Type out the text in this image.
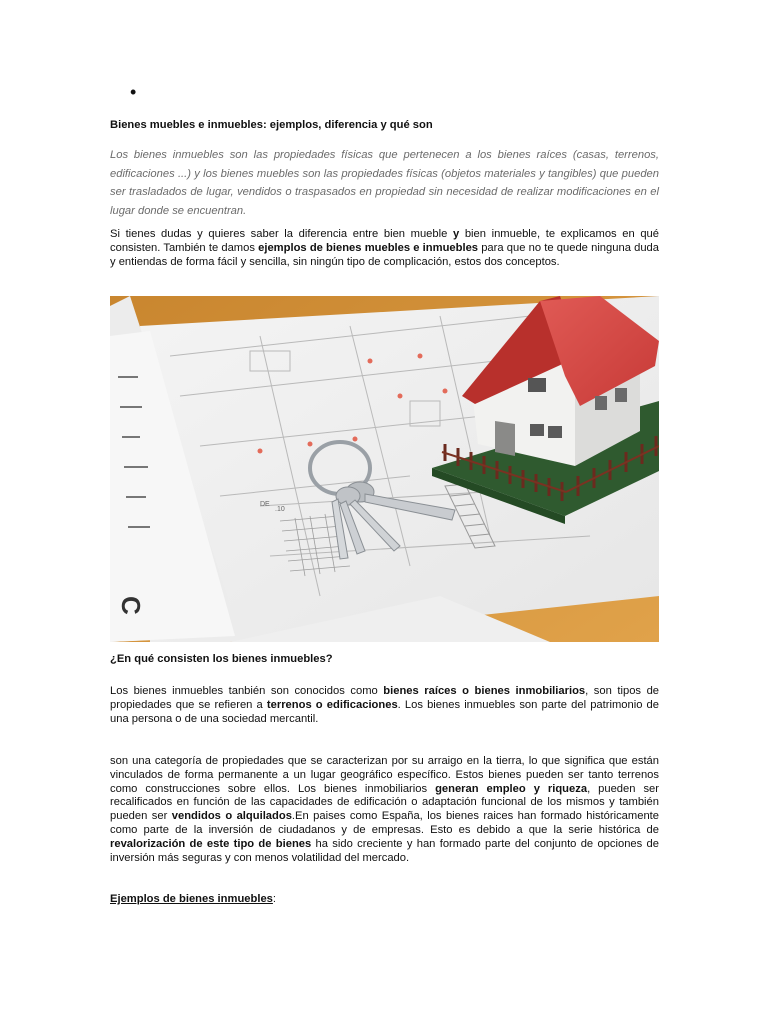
•
Bienes muebles e inmuebles: ejemplos, diferencia y qué son

Los bienes inmuebles son las propiedades físicas que pertenecen a los bienes raíces (casas, terrenos, edificaciones ...) y los bienes muebles son las propiedades físicas (objetos materiales y tangibles) que pueden ser trasladados de lugar, vendidos o traspasados en propiedad sin necesidad de realizar modificaciones en el lugar donde se encuentran.

Si tienes dudas y quieres saber la diferencia entre bien mueble y bien inmueble, te explicamos en qué consisten. También te damos ejemplos de bienes muebles e inmuebles para que no te quede ninguna duda y entiendas de forma fácil y sencilla, sin ningún tipo de complicación, estos dos conceptos.

DE
.10
C
¿En qué consisten los bienes inmuebles?

Los bienes inmuebles tanbién son conocidos como bienes raíces o bienes inmobiliarios, son tipos de propiedades que se refieren a terrenos o edificaciones. Los bienes inmuebles son parte del patrimonio de una persona o de una sociedad mercantil.

son una categoría de propiedades que se caracterizan por su arraigo en la tierra, lo que significa que están vinculados de forma permanente a un lugar geográfico específico. Estos bienes pueden ser tanto terrenos como construcciones sobre ellos. Los bienes inmobiliarios generan empleo y riqueza, pueden ser recalificados en función de las capacidades de edificación o adaptación funcional de los mismos y también pueden ser vendidos o alquilados.En paises como España, los bienes raices han formado históricamente como parte de la inversión de ciudadanos y de empresas. Esto es debido a que la serie histórica de revalorización de este tipo de bienes ha sido creciente y han formado parte del conjunto de opciones de inversión más seguras y con menos volatilidad del mercado.

Ejemplos de bienes inmuebles:
